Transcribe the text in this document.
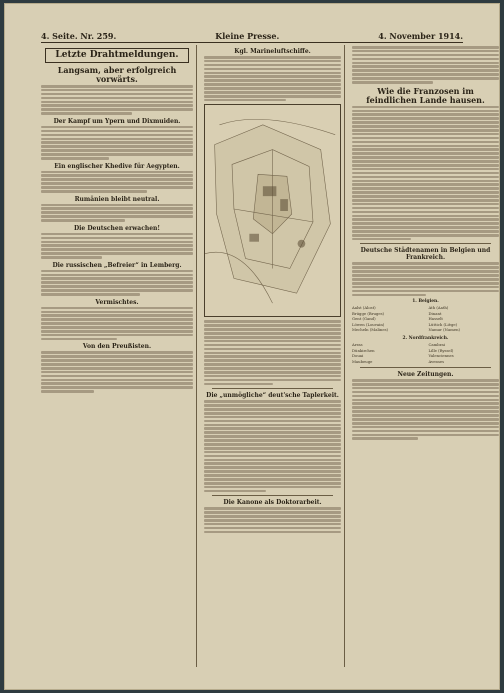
4. Seite. Nr. 259.	Kleine Presse.	4. November 1914.
Letzte Drahtmeldungen.
Langsam, aber erfolgreich vorwärts.
Der Kampf um Ypern und Dixmuiden.
Ein englischer Khedive für Aegypten.
Rumänien bleibt neutral.
Die Deutschen erwachen!
Die russischen „Befreier“ in Lemberg.
Vermischtes.
Von den Preußisten.
Kgl. Marineluftschiffe.
Die „unmögliche“ deut'sche Taplerkeit.
Die Kanone als Doktorarbeit.
Wie die Franzosen im feindlichen Lande hausen.
Deutsche Städtenamen in Belgien und Frankreich.
1. Belgien.
Aalst (Alost)	Ath (Aath)
Brügge (Bruges)	Dinant
Gent (Gand)	Hasselt
Löwen (Louvain)	Lüttich (Liège)
Mecheln (Malines)	Namur (Namen)
2. Nordfrankreich.
Arras	Cambrai
Dünkirchen	Lille (Ryssel)
Douai	Valenciennes
Maubeuge	Avesnes
Neue Zeitungen.
